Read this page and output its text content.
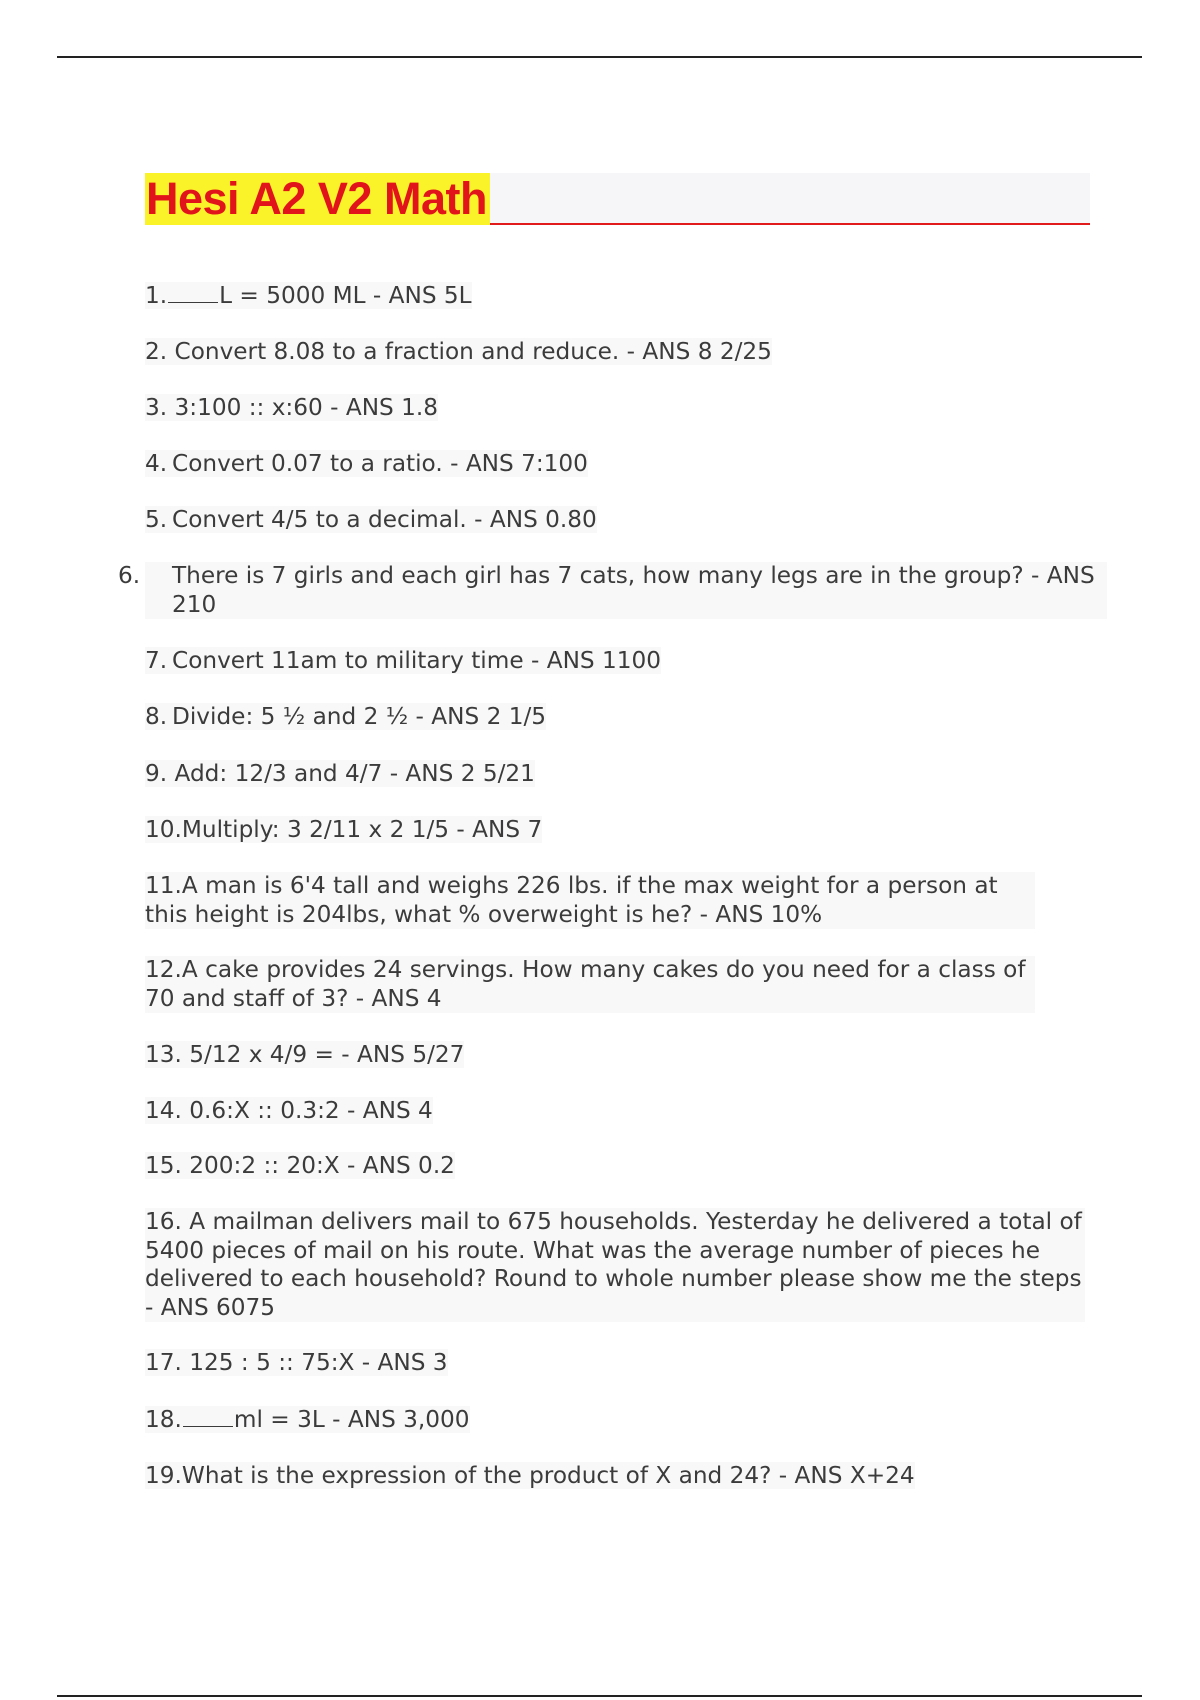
Hesi A2 V2 Math
1. L = 5000 ML - ANS 5L
2. Convert 8.08 to a fraction and reduce. - ANS 8 2/25
3. 3:100 :: x:60 - ANS 1.8
4. Convert 0.07 to a ratio. - ANS 7:100
5. Convert 4/5 to a decimal. - ANS 0.80
6. There is 7 girls and each girl has 7 cats, how many legs are in the group? - ANS 210
7. Convert 11am to military time - ANS 1100
8. Divide: 5 ½ and 2 ½ - ANS 2 1/5
9. Add: 12/3 and 4/7 - ANS 2 5/21
10.Multiply: 3 2/11 x 2 1/5 - ANS 7
11.A man is 6'4 tall and weighs 226 lbs. if the max weight for a person at this height is 204lbs, what % overweight is he? - ANS 10%
12.A cake provides 24 servings. How many cakes do you need for a class of 70 and staff of 3? - ANS 4
13. 5/12 x 4/9 = - ANS 5/27
14. 0.6:X :: 0.3:2 - ANS 4
15. 200:2 :: 20:X - ANS 0.2
16. A mailman delivers mail to 675 households. Yesterday he delivered a total of 5400 pieces of mail on his route. What was the average number of pieces he delivered to each household? Round to whole number please show me the steps - ANS 6075
17. 125 : 5 :: 75:X - ANS 3
18. ml = 3L - ANS 3,000
19.What is the expression of the product of X and 24? - ANS X+24
